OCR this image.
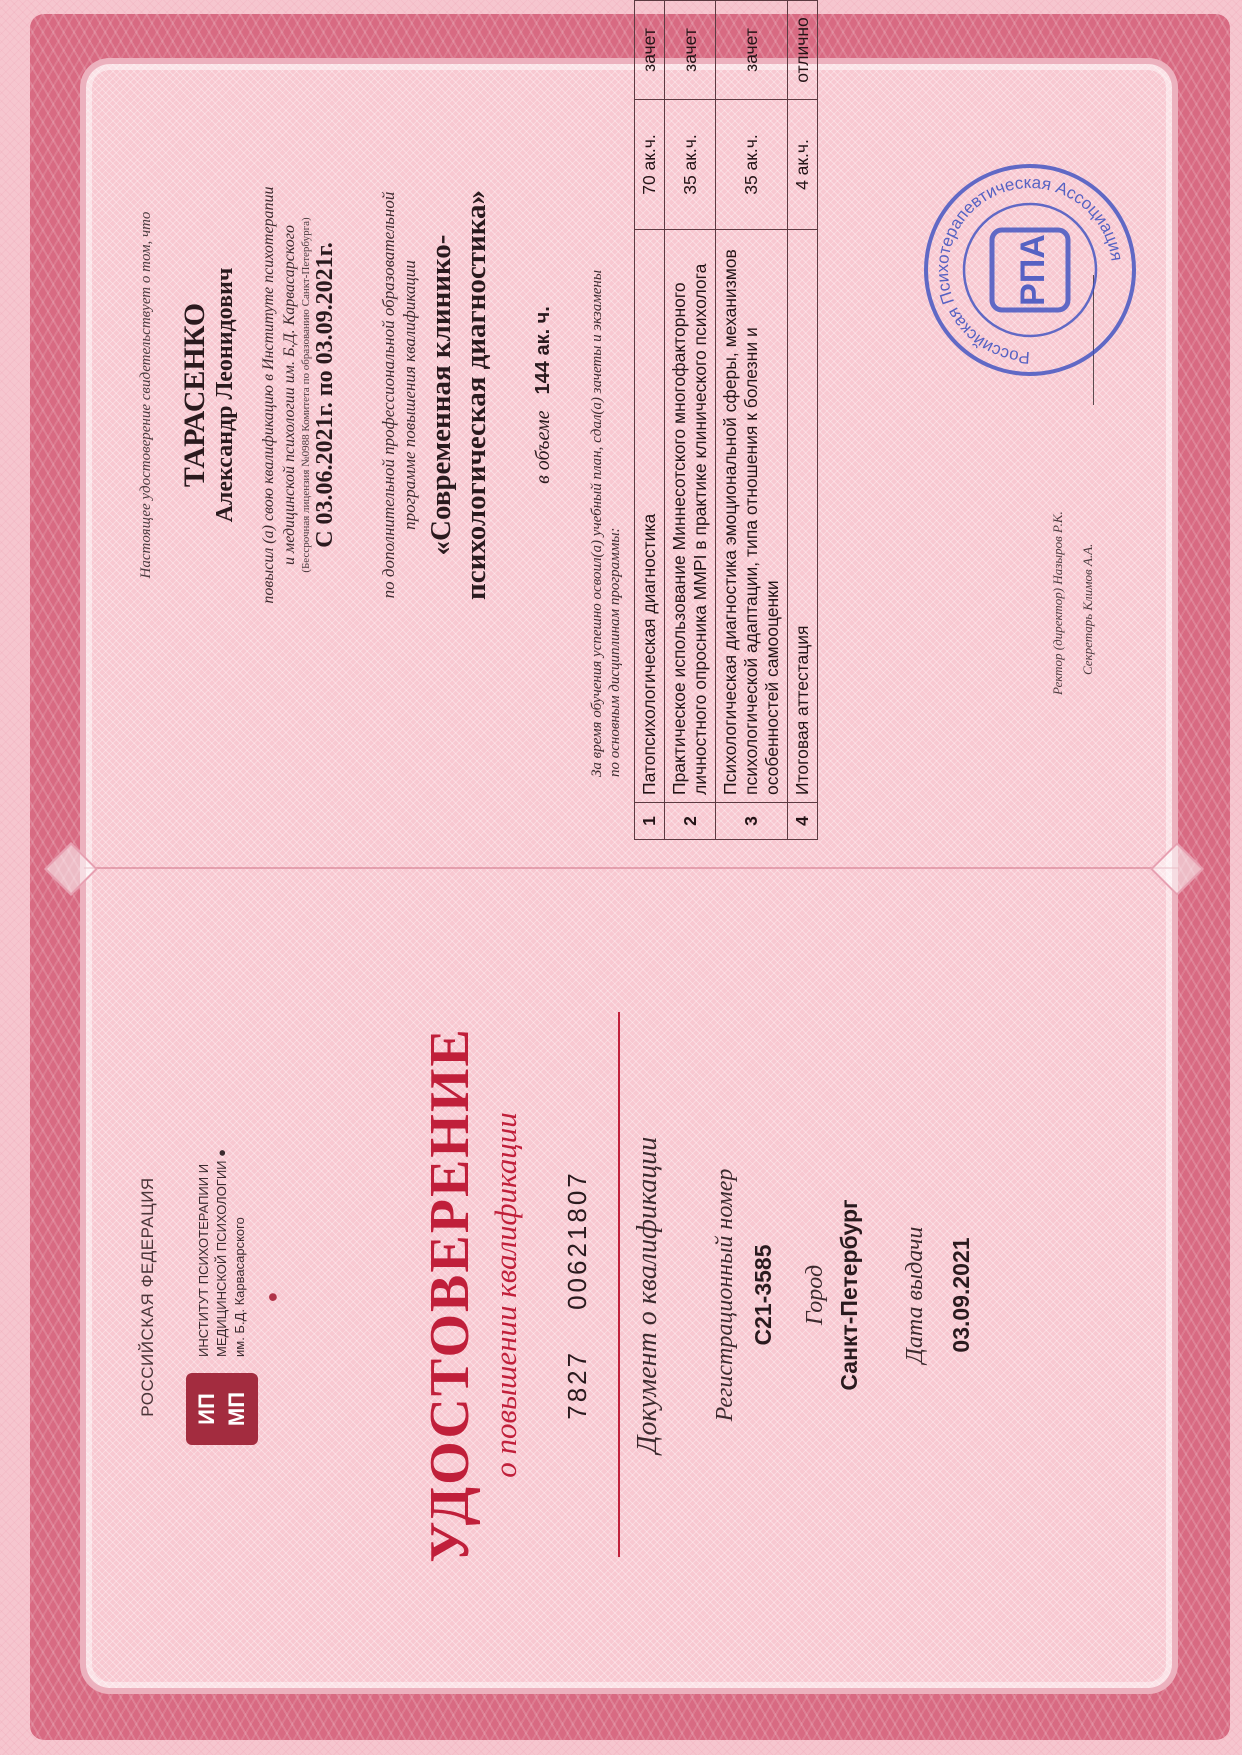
РОССИЙСКАЯ ФЕДЕРАЦИЯ ИП МП
ИНСТИТУТ ПСИХОТЕРАПИИ И МЕДИЦИНСКОЙ ПСИХОЛОГИИ ● им. Б.Д. Карвасарского ● УДОСТОВЕРЕНИЕ о повышении квалификации 782700621807 Документ о квалификации Регистрационный номер С21-3585 Город Санкт-Петербург Дата выдачи 03.09.2021
Настоящее удостоверение свидетельствует о том, что ТАРАСЕНКО Александр Леонидович повысил (а) свою квалификацию в Институте психотерапии и медицинской психологии им. Б.Д. Карвасарского (Бессрочная лицензия №0988 Комитета по образованию Санкт-Петербурга) С 03.06.2021г. по 03.09.2021г. по дополнительной профессиональной образовательной программе повышения квалификации «Современная клинико- психологическая диагностика» в объеме144 ак. ч. За время обучения успешно освоил(а) учебный план, сдал(а) зачеты и экзамены по основным дисциплинам программы:
1	Патопсихологическая диагностика	70 ак.ч.	зачет
2	Практическое использование Миннесотского многофакторного личностного опросника ММPI в практике клинического психолога	35 ак.ч.	зачет
3	Психологическая диагностика эмоциональной сферы, механизмов психологической адаптации, типа отношения к болезни и особенностей самооценки	35 ак.ч.	зачет
4	Итоговая аттестация	4 ак.ч.	отлично
Ректор (директор) Назыров Р.К. Секретарь Климов А.А.
Российская Психотерапевтическая Ассоциация
РПА
